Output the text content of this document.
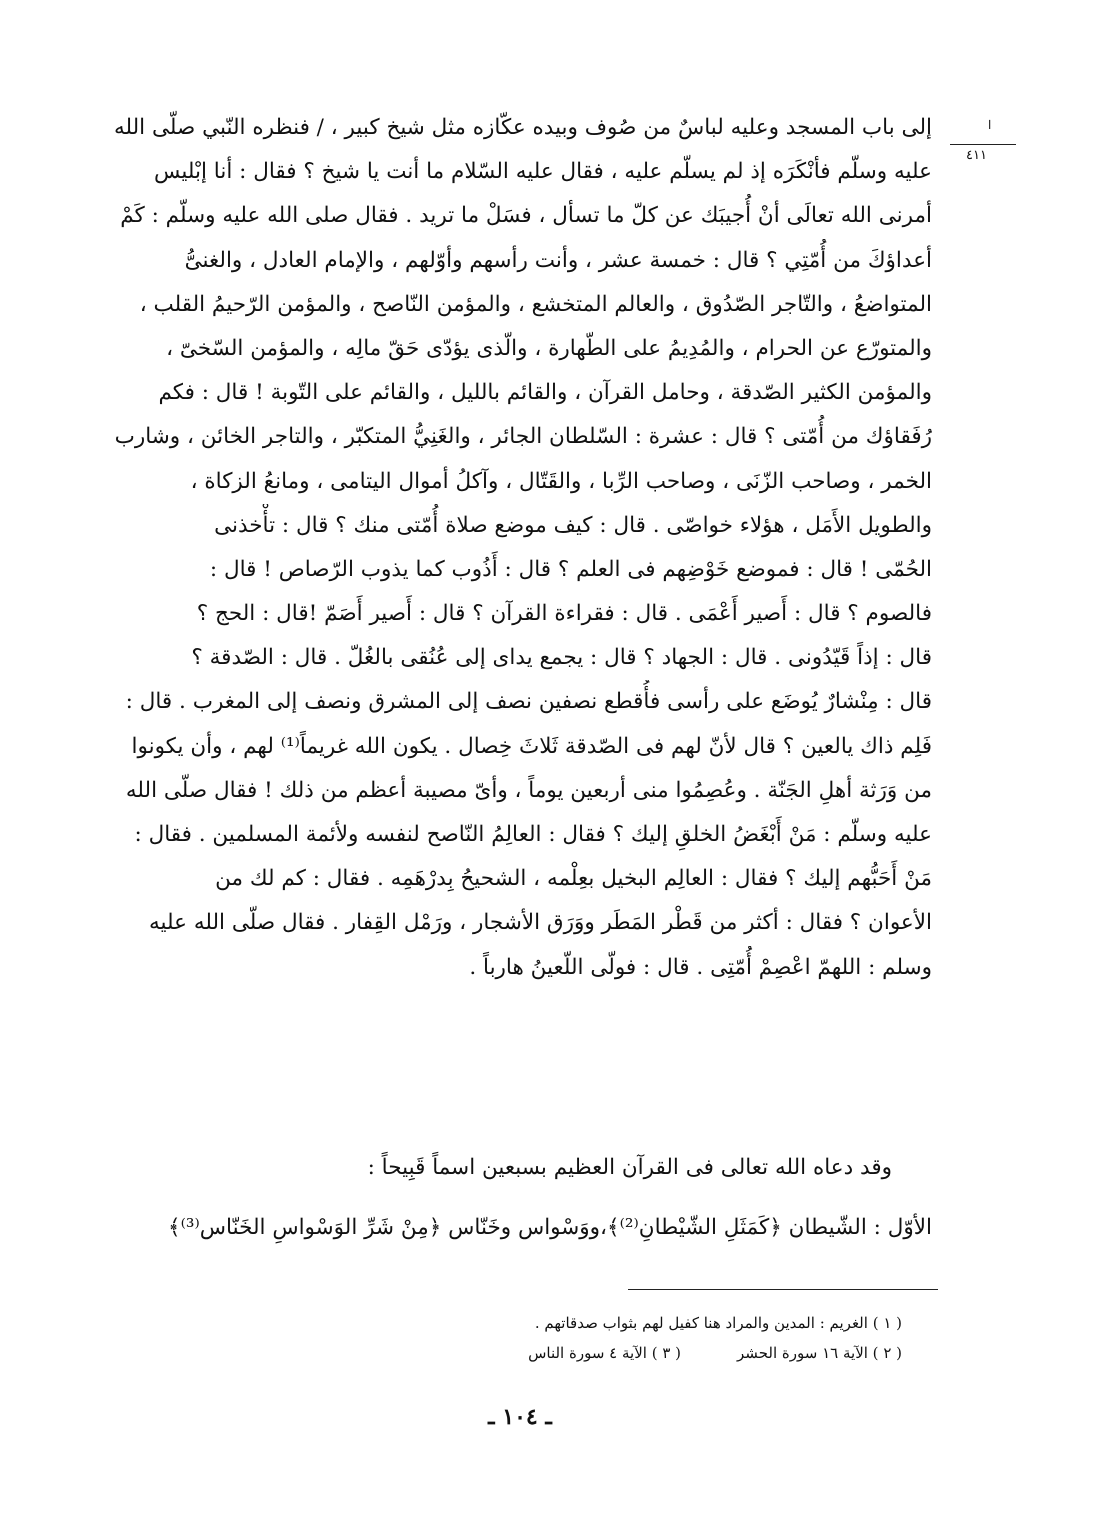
ا
٤١١
إلى باب المسجد وعليه لباسٌ من صُوف وبيده عكّازه مثل شيخ كبير ، / فنظره النّبي صلّى الله
عليه وسلّم فأنْكَرَه إذ لم يسلّم عليه ، فقال عليه السّلام ما أنت يا شيخ ؟ فقال : أنا إبْليس
أمرنى الله تعالَى أنْ أُجيبَك عن كلّ ما تسأل ، فسَلْ ما تريد . فقال صلى الله عليه وسلّم : كَمْ
أعداؤكَ من أُمّتِي ؟ قال : خمسة عشر ، وأنت رأسهم وأوّلهم ، والإمام العادل ، والغنىُّ
المتواضعُ ، والتّاجر الصّدُوق ، والعالم المتخشع ، والمؤمن النّاصح ، والمؤمن الرّحيمُ القلب ،
والمتورّع عن الحرام ، والمُدِيمُ على الطّهارة ، والّذى يؤدّى حَقّ مالِه ، والمؤمن السّخىّ ،
والمؤمن الكثير الصّدقة ، وحامل القرآن ، والقائم بالليل ، والقائم على التّوبة ! قال : فكم
رُفَقاؤك من أُمّتى ؟ قال : عشرة : السّلطان الجائر ، والغَنِيُّ المتكبّر ، والتاجر الخائن ، وشارب
الخمر ، وصاحب الزّنَى ، وصاحب الرِّبا ، والقَتّال ، وآكلُ أموال اليتامى ، ومانعُ الزكاة ،
والطويل الأَمَل ، هؤلاء خواصّى . قال : كيف موضع صلاة أُمّتى منك ؟ قال : تأْخذنى
الحُمّى ! قال : فموضع خَوْضِهم فى العلم ؟ قال : أَذُوب كما يذوب الرّصاص ! قال :
فالصوم ؟ قال : أَصير أَعْمَى . قال : فقراءة القرآن ؟ قال : أَصير أَصَمّ !قال : الحج ؟
قال : إذاً قَيّدُونى . قال : الجهاد ؟ قال : يجمع يداى إلى عُنُقى بالغُلّ . قال : الصّدقة ؟
قال : مِنْشارٌ يُوضَع على رأسى فأُقطع نصفين نصف إلى المشرق ونصف إلى المغرب . قال :
فَلِم ذاك يالعين ؟ قال لأنّ لهم فى الصّدقة ثَلاثَ خِصال . يكون الله غريماً⁽¹⁾ لهم ، وأن يكونوا
من وَرَثة أهلِ الجَنّة . وعُصِمُوا منى أربعين يوماً ، وأىّ مصيبة أعظم من ذلك ! فقال صلّى الله
عليه وسلّم : مَنْ أَبْغَضُ الخلقِ إليك ؟ فقال : العالِمُ النّاصح لنفسه ولأئمة المسلمين . فقال :
مَنْ أَحَبُّهم إليك ؟ فقال : العالِم البخيل بعِلْمه ، الشحيحُ بِدرْهَمِه . فقال : كم لك من
الأعوان ؟ فقال : أكثر من قَطْر المَطَر ووَرَق الأشجار ، ورَمْل القِفار . فقال صلّى الله عليه
وسلم : اللهمّ اعْصِمْ أُمّتِى . قال : فولّى اللّعينُ هارباً .
وقد دعاه الله تعالى فى القرآن العظيم بسبعين اسماً قَبِيحاً :
الأوّل : الشّيطان ﴿كَمَثَلِ الشّيْطانِ⁽²⁾﴾،ووَسْواس وخَنّاس ﴿مِنْ شَرِّ الوَسْواسِ الخَنّاس⁽³⁾﴾
( ١ ) الغريم : المدين والمراد هنا كفيل لهم بثواب صدقاتهم .
( ٢ ) الآية ١٦ سورة الحشر( ٣ ) الآية ٤ سورة الناس
ـ ١٠٤ ـ
